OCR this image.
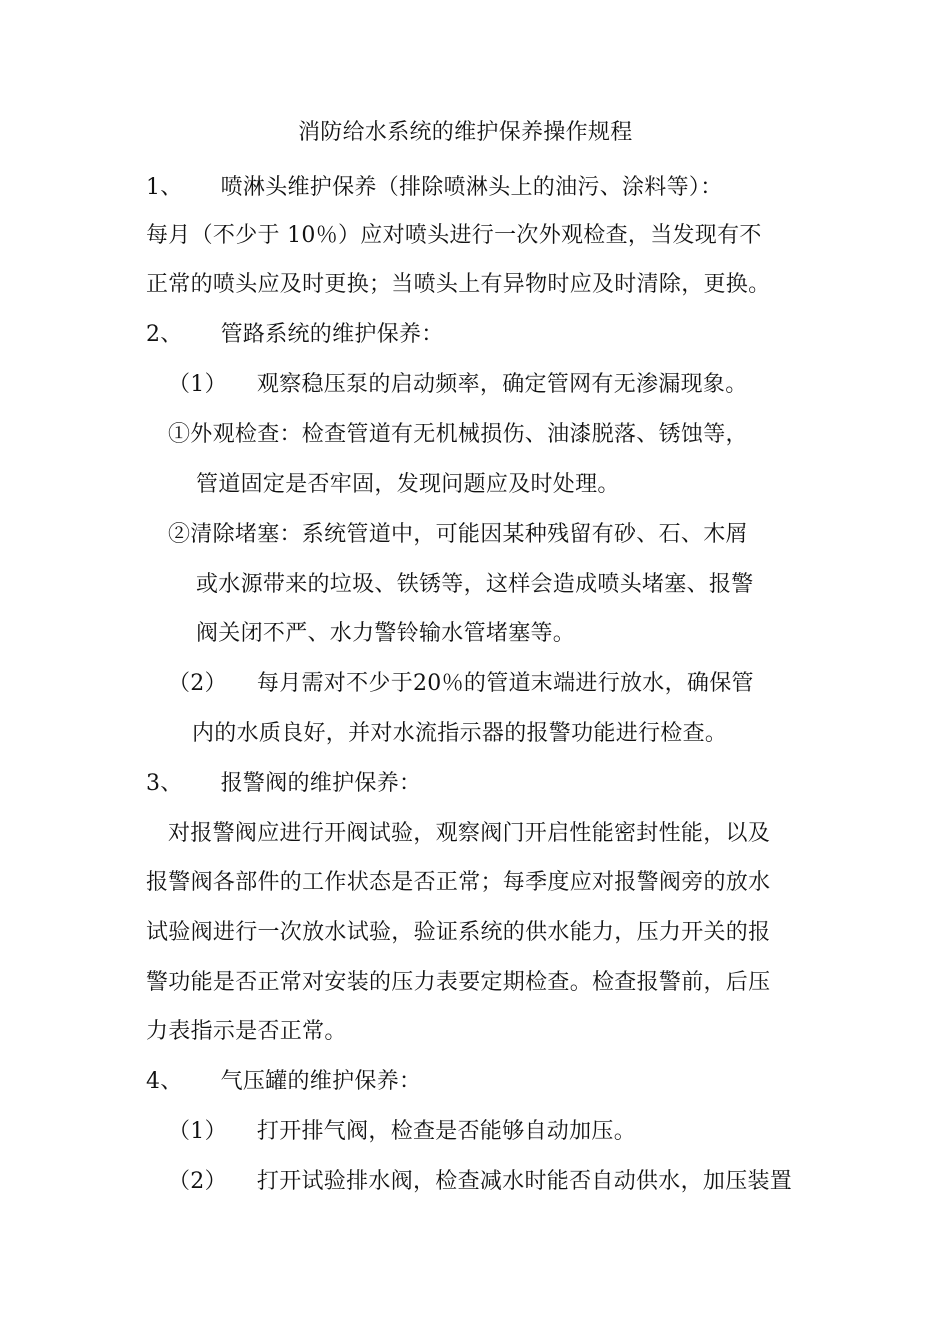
消防给水系统的维护保养操作规程
1、 喷淋头维护保养（排除喷淋头上的油污、涂料等）：
每月（不少于 10％）应对喷头进行一次外观检查，当发现有不
正常的喷头应及时更换；当喷头上有异物时应及时清除，更换。
2、 管路系统的维护保养：
（1） 观察稳压泵的启动频率，确定管网有无渗漏现象。
①外观检查：检查管道有无机械损伤、油漆脱落、锈蚀等，
管道固定是否牢固，发现问题应及时处理。
②清除堵塞：系统管道中，可能因某种残留有砂、石、木屑
或水源带来的垃圾、铁锈等，这样会造成喷头堵塞、报警
阀关闭不严、水力警铃输水管堵塞等。
（2） 每月需对不少于20％的管道末端进行放水，确保管
内的水质良好，并对水流指示器的报警功能进行检查。
3、 报警阀的维护保养：
对报警阀应进行开阀试验，观察阀门开启性能密封性能，以及
报警阀各部件的工作状态是否正常；每季度应对报警阀旁的放水
试验阀进行一次放水试验，验证系统的供水能力，压力开关的报
警功能是否正常对安装的压力表要定期检查。检查报警前，后压
力表指示是否正常。
4、 气压罐的维护保养：
（1） 打开排气阀，检查是否能够自动加压。
（2） 打开试验排水阀，检查减水时能否自动供水，加压装置
